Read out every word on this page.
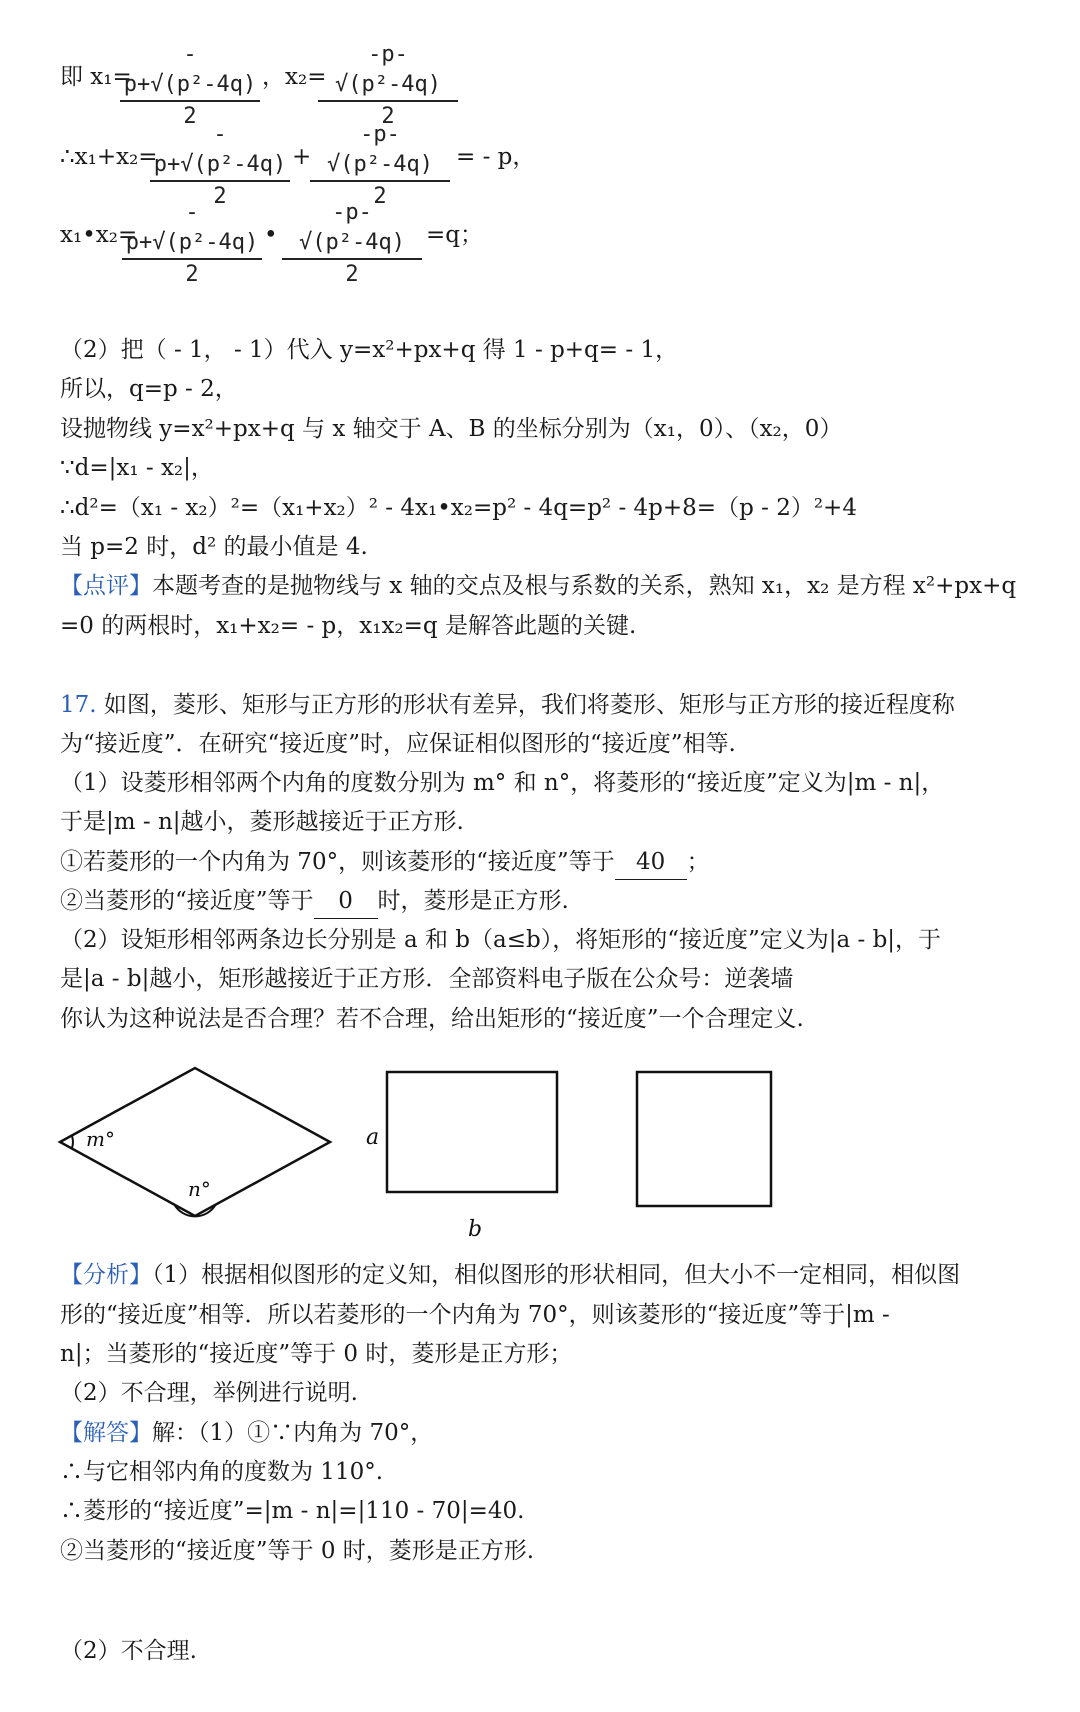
即 x₁=
$\frac{\text{-p+√(p²-4q)}}{2}$ ，x₂=
$\frac{\text{-p-√(p²-4q)}}{2}$
∴x₁+x₂=
$\frac{\text{-p+√(p²-4q)}}{2}$ +
$\frac{\text{-p-√(p²-4q)}}{2}$ = - p，
x₁•x₂=
$\frac{\text{-p+√(p²-4q)}}{2}$ • $\frac{\text{-p-√(p²-4q)}}{2} =q$；
（2）把（ - 1， - 1）代入 y=x²+px+q 得 1 - p+q= - 1，
所以，q=p - 2，
设抛物线 y=x²+px+q 与 x 轴交于 A、B 的坐标分别为（x₁，0）、（x₂，0）
∵d=|x₁ - x₂|，
∴d²=（x₁ - x₂）²=（x₁+x₂）² - 4x₁•x₂=p² - 4q=p² - 4p+8=（p - 2）²+4
当 p=2 时，d² 的最小值是 4.
【点评】本题考查的是抛物线与 x 轴的交点及根与系数的关系，熟知 x₁，x₂ 是方程 x²+px+q
=0 的两根时，x₁+x₂= - p，x₁x₂=q 是解答此题的关键.
17. 如图，菱形、矩形与正方形的形状有差异，我们将菱形、矩形与正方形的接近程度称
为“接近度”．在研究“接近度”时，应保证相似图形的“接近度”相等.
（1）设菱形相邻两个内角的度数分别为 m° 和 n°，将菱形的“接近度”定义为|m - n|，
于是|m - n|越小，菱形越接近于正方形.
①若菱形的一个内角为 70°，则该菱形的“接近度”等于 40 ；
②当菱形的“接近度”等于 0 时，菱形是正方形.
（2）设矩形相邻两条边长分别是 a 和 b（a≤b），将矩形的“接近度”定义为|a - b|，于
是|a - b|越小，矩形越接近于正方形．全部资料电子版在公众号：逆袭墙
你认为这种说法是否合理？若不合理，给出矩形的“接近度”一个合理定义.
m°
n°
a
b
【分析】（1）根据相似图形的定义知，相似图形的形状相同，但大小不一定相同，相似图
形的“接近度”相等．所以若菱形的一个内角为 70°，则该菱形的“接近度”等于|m -
n|；当菱形的“接近度”等于 0 时，菱形是正方形；
（2）不合理，举例进行说明.
【解答】解：（1）①∵内角为 70°，
∴与它相邻内角的度数为 110°.
∴菱形的“接近度”=|m - n|=|110 - 70|=40.
②当菱形的“接近度”等于 0 时，菱形是正方形.
（2）不合理.
